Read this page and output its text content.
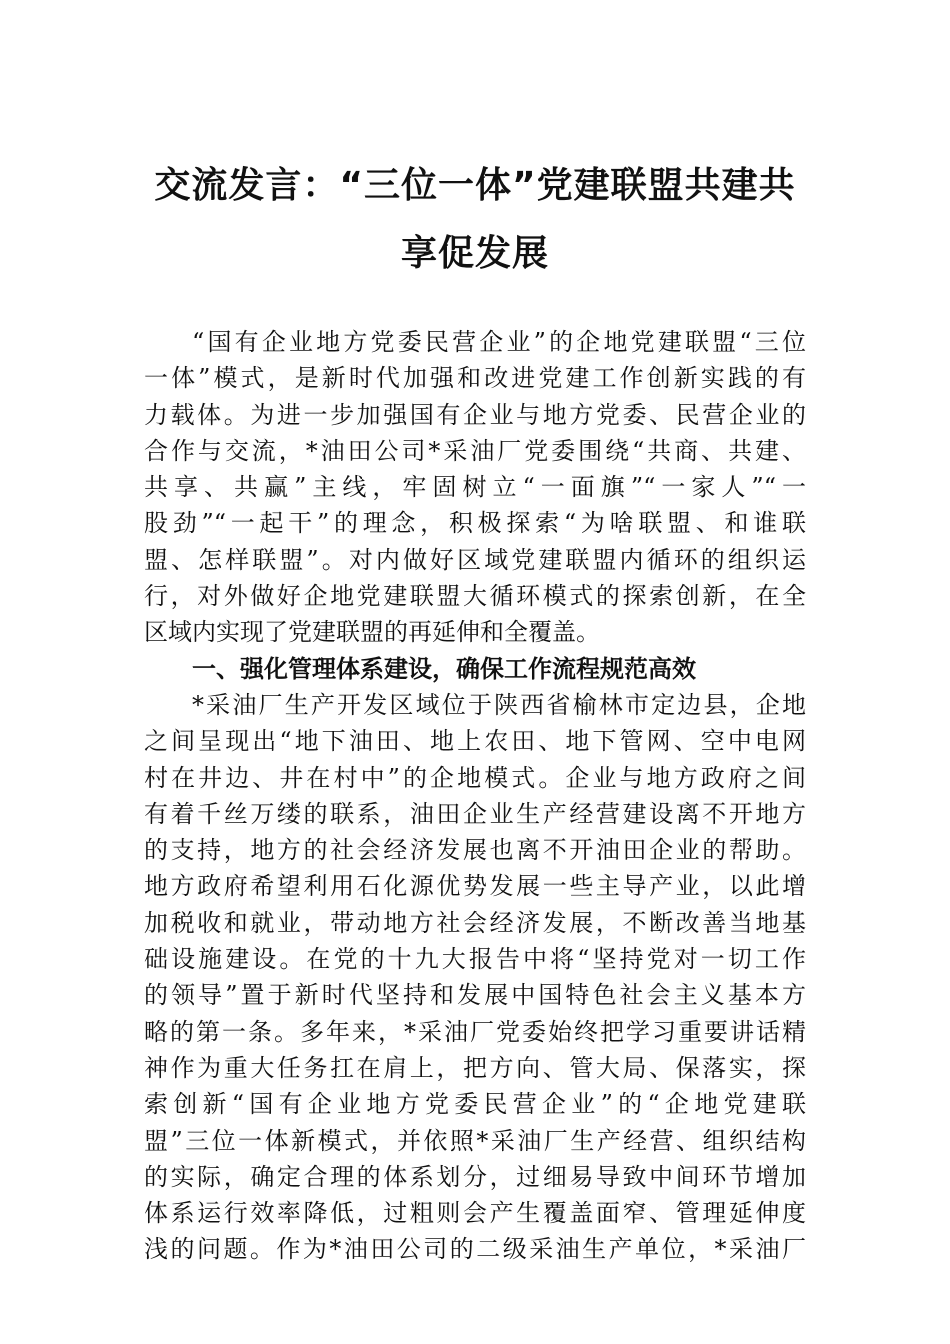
交流发言：“三位一体”党建联盟共建共
享促发展
“国有企业地方党委民营企业”的企地党建联盟“三位
一体”模式，是新时代加强和改进党建工作创新实践的有
力载体。为进一步加强国有企业与地方党委、民营企业的
合作与交流，*油田公司*采油厂党委围绕“共商、共建、
共享、共赢”主线，牢固树立“一面旗”“一家人”“一
股劲”“一起干”的理念，积极探索“为啥联盟、和谁联
盟、怎样联盟”。对内做好区域党建联盟内循环的组织运
行，对外做好企地党建联盟大循环模式的探索创新，在全
区域内实现了党建联盟的再延伸和全覆盖。
一、强化管理体系建设，确保工作流程规范高效
*采油厂生产开发区域位于陕西省榆林市定边县，企地
之间呈现出“地下油田、地上农田、地下管网、空中电网
村在井边、井在村中”的企地模式。企业与地方政府之间
有着千丝万缕的联系，油田企业生产经营建设离不开地方
的支持，地方的社会经济发展也离不开油田企业的帮助。
地方政府希望利用石化源优势发展一些主导产业，以此增
加税收和就业，带动地方社会经济发展，不断改善当地基
础设施建设。在党的十九大报告中将“坚持党对一切工作
的领导”置于新时代坚持和发展中国特色社会主义基本方
略的第一条。多年来，*采油厂党委始终把学习重要讲话精
神作为重大任务扛在肩上，把方向、管大局、保落实，探
索创新“国有企业地方党委民营企业”的“企地党建联
盟”三位一体新模式，并依照*采油厂生产经营、组织结构
的实际，确定合理的体系划分，过细易导致中间环节增加
体系运行效率降低，过粗则会产生覆盖面窄、管理延伸度
浅的问题。作为*油田公司的二级采油生产单位，*采油厂
